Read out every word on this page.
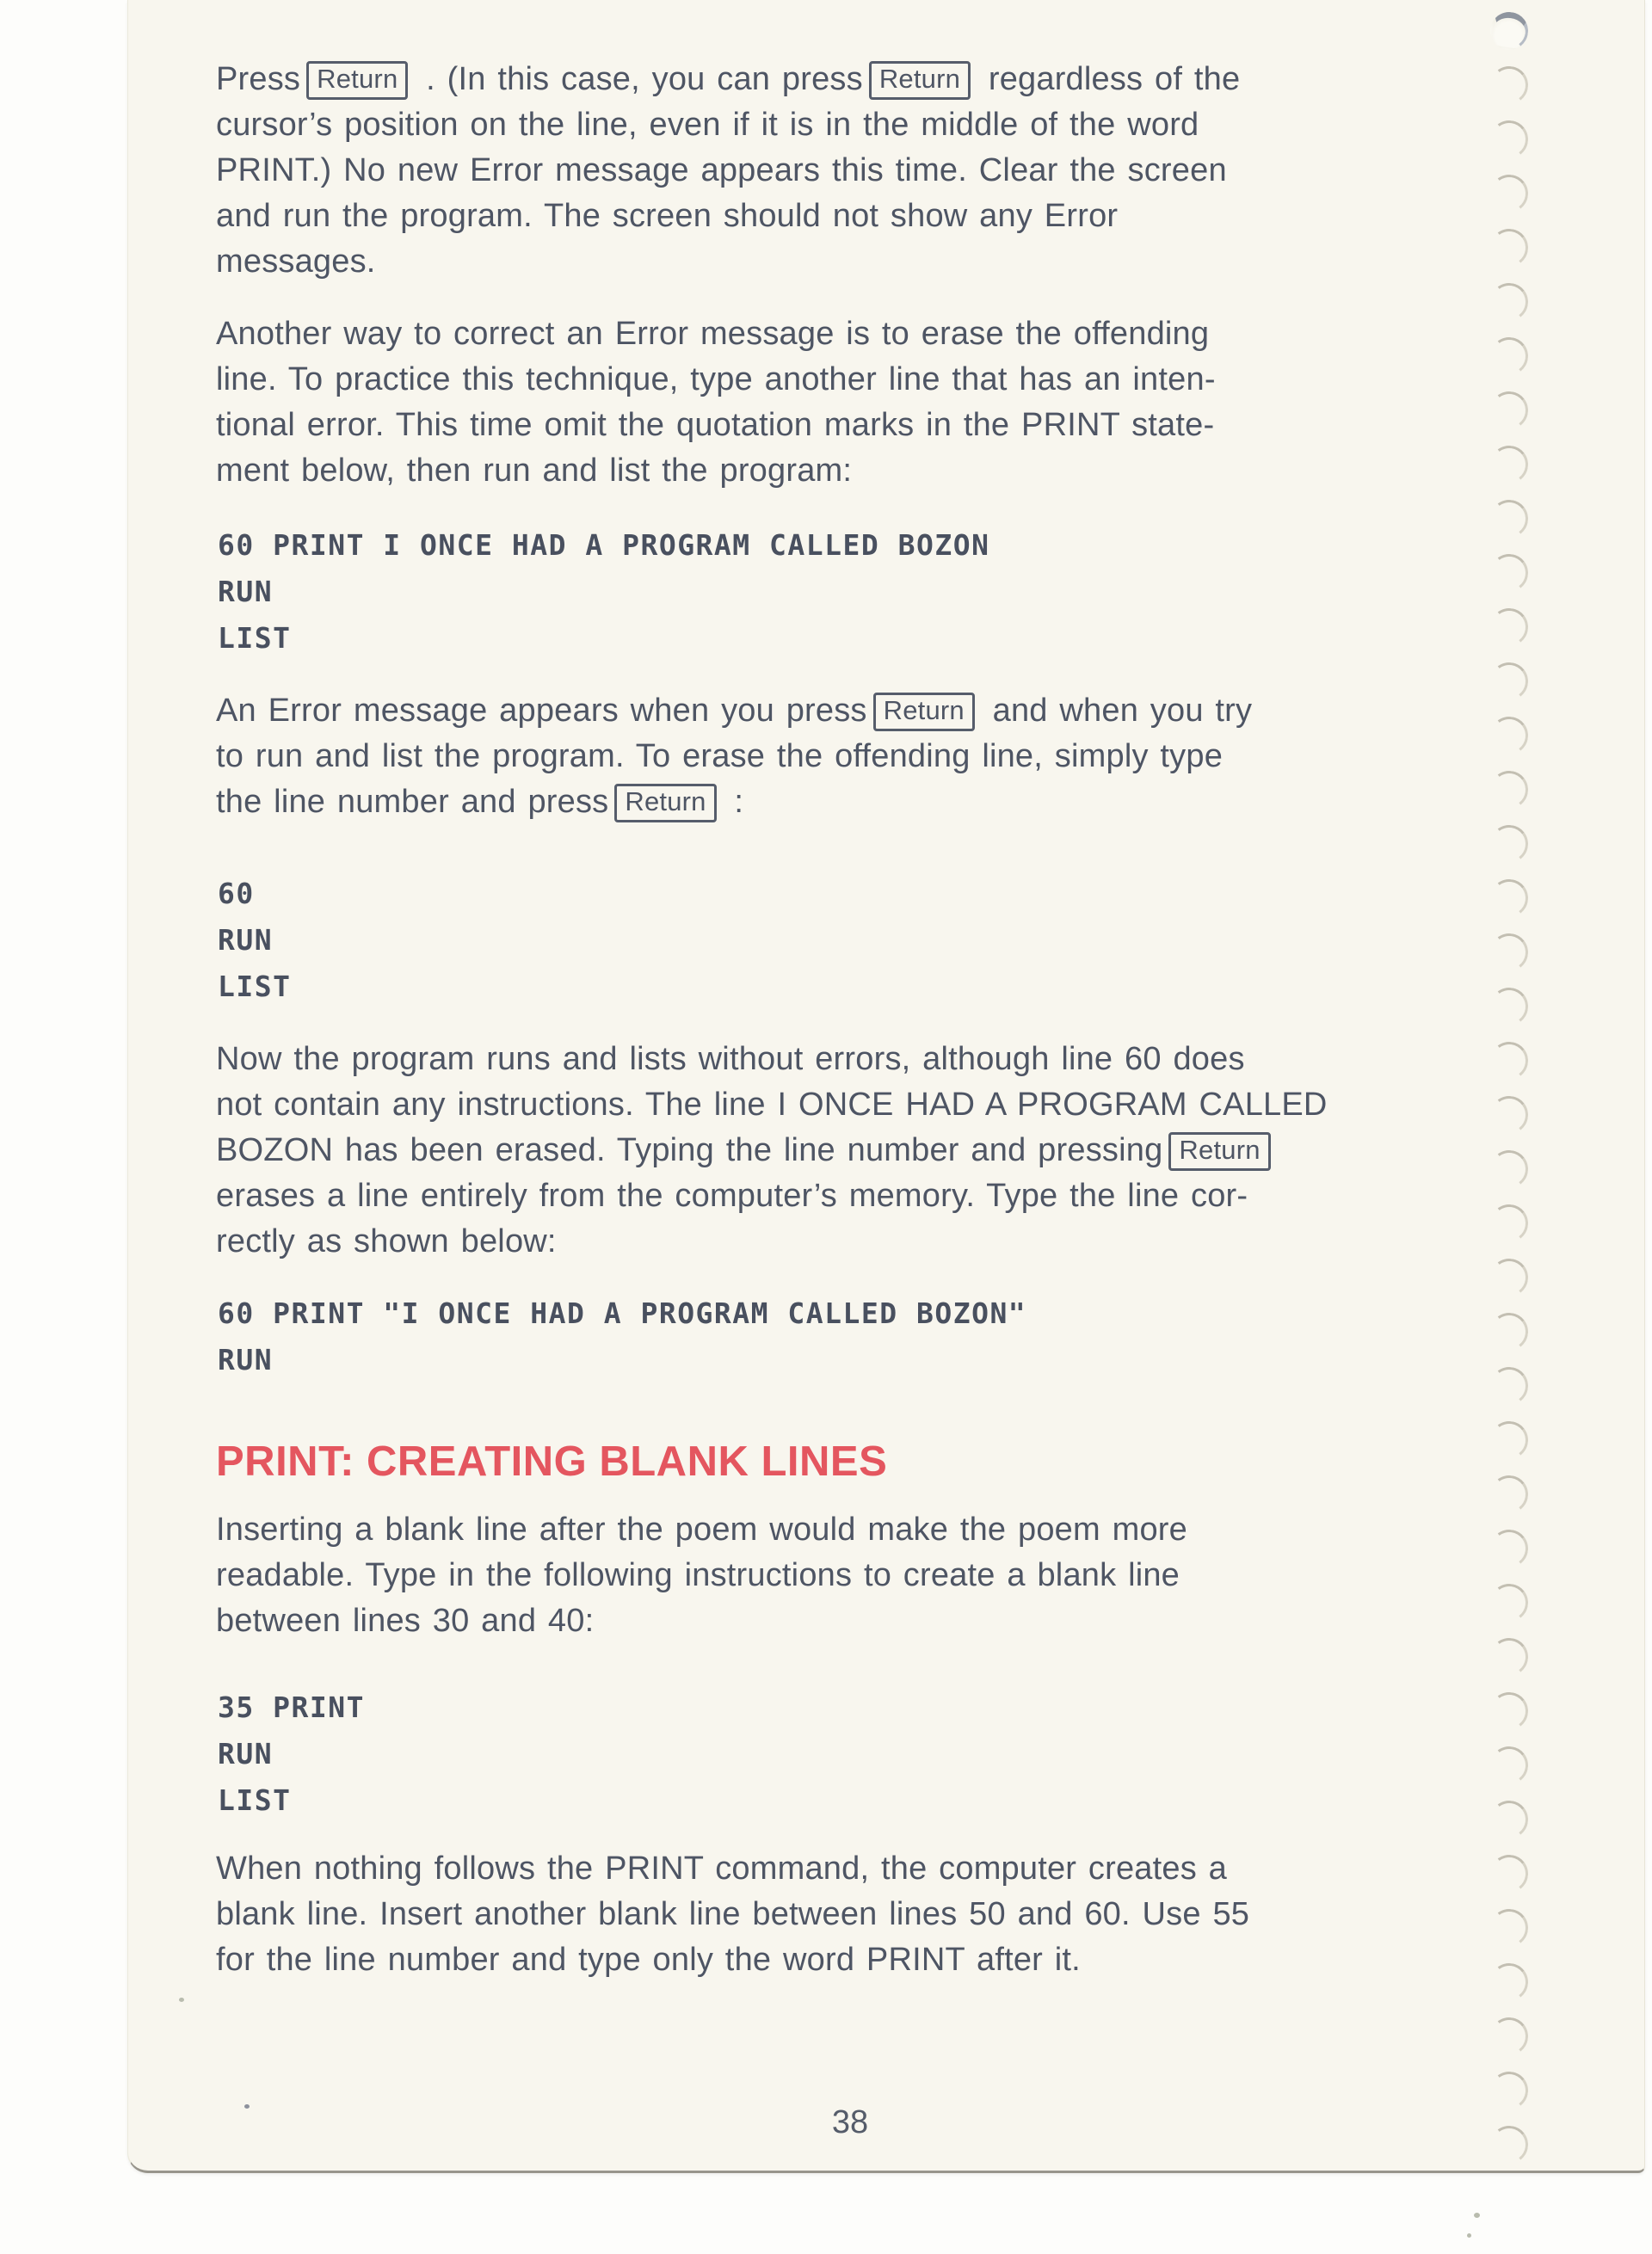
Press Return . (In this case, you can press Return regardless of the
cursor’s position on the line, even if it is in the middle of the word
PRINT.) No new Error message appears this time. Clear the screen
and run the program. The screen should not show any Error
messages.
Another way to correct an Error message is to erase the offending
line. To practice this technique, type another line that has an inten-
tional error. This time omit the quotation marks in the PRINT state-
ment below, then run and list the program:
60 PRINT I ONCE HAD A PROGRAM CALLED BOZON
RUN
LIST
An Error message appears when you press Return and when you try
to run and list the program. To erase the offending line, simply type
the line number and press Return :
60
RUN
LIST
Now the program runs and lists without errors, although line 60 does
not contain any instructions. The line I ONCE HAD A PROGRAM CALLED
BOZON has been erased. Typing the line number and pressing Return
erases a line entirely from the computer’s memory. Type the line cor-
rectly as shown below:
60 PRINT "I ONCE HAD A PROGRAM CALLED BOZON"
RUN
PRINT: CREATING BLANK LINES
Inserting a blank line after the poem would make the poem more
readable. Type in the following instructions to create a blank line
between lines 30 and 40:
35 PRINT
RUN
LIST
When nothing follows the PRINT command, the computer creates a
blank line. Insert another blank line between lines 50 and 60. Use 55
for the line number and type only the word PRINT after it.
38
